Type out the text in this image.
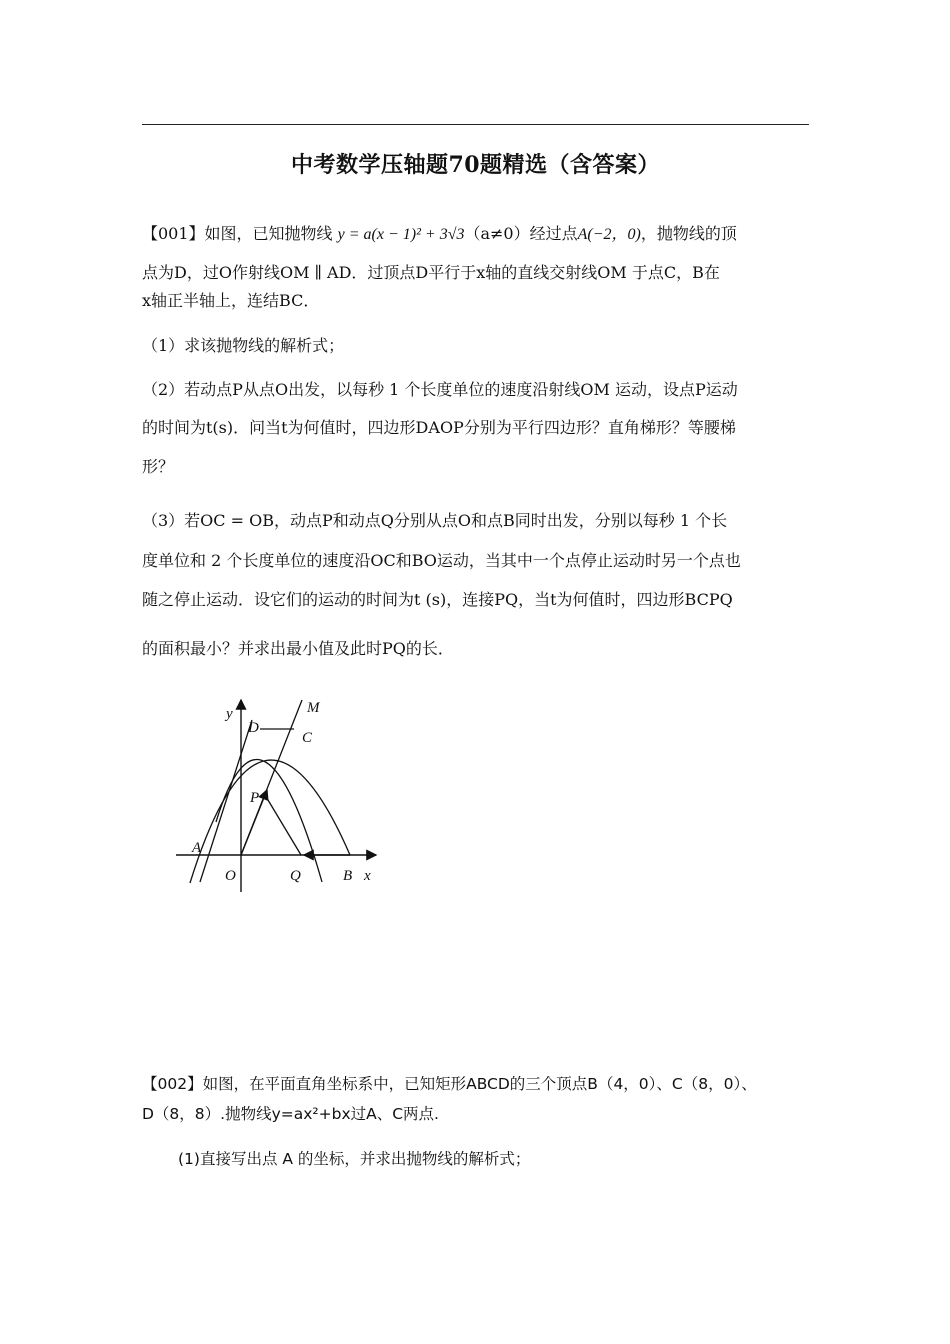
中考数学压轴题70题精选（含答案）
【001】如图，已知抛物线 y = a(x − 1)² + 3√3（a≠0）经过点A(−2，0)，抛物线的顶
点为D，过O作射线OM ∥ AD．过顶点D平行于x轴的直线交射线OM 于点C，B在
x轴正半轴上，连结BC．
（1）求该抛物线的解析式；
（2）若动点P从点O出发，以每秒 1 个长度单位的速度沿射线OM 运动，设点P运动
的时间为t(s)．问当t为何值时，四边形DAOP分别为平行四边形？直角梯形？等腰梯
形？
（3）若OC = OB，动点P和动点Q分别从点O和点B同时出发，分别以每秒 1 个长
度单位和 2 个长度单位的速度沿OC和BO运动，当其中一个点停止运动时另一个点也
随之停止运动．设它们的运动的时间为t (s)，连接PQ，当t为何值时，四边形BCPQ
的面积最小？并求出最小值及此时PQ的长．
y	M
D
C
P
A
O	Q	B x
【002】如图，在平面直角坐标系中，已知矩形ABCD的三个顶点B（4，0）、C（8，0）、
D（8，8）.抛物线y=ax²+bx过A、C两点.
(1)直接写出点 A 的坐标，并求出抛物线的解析式；
